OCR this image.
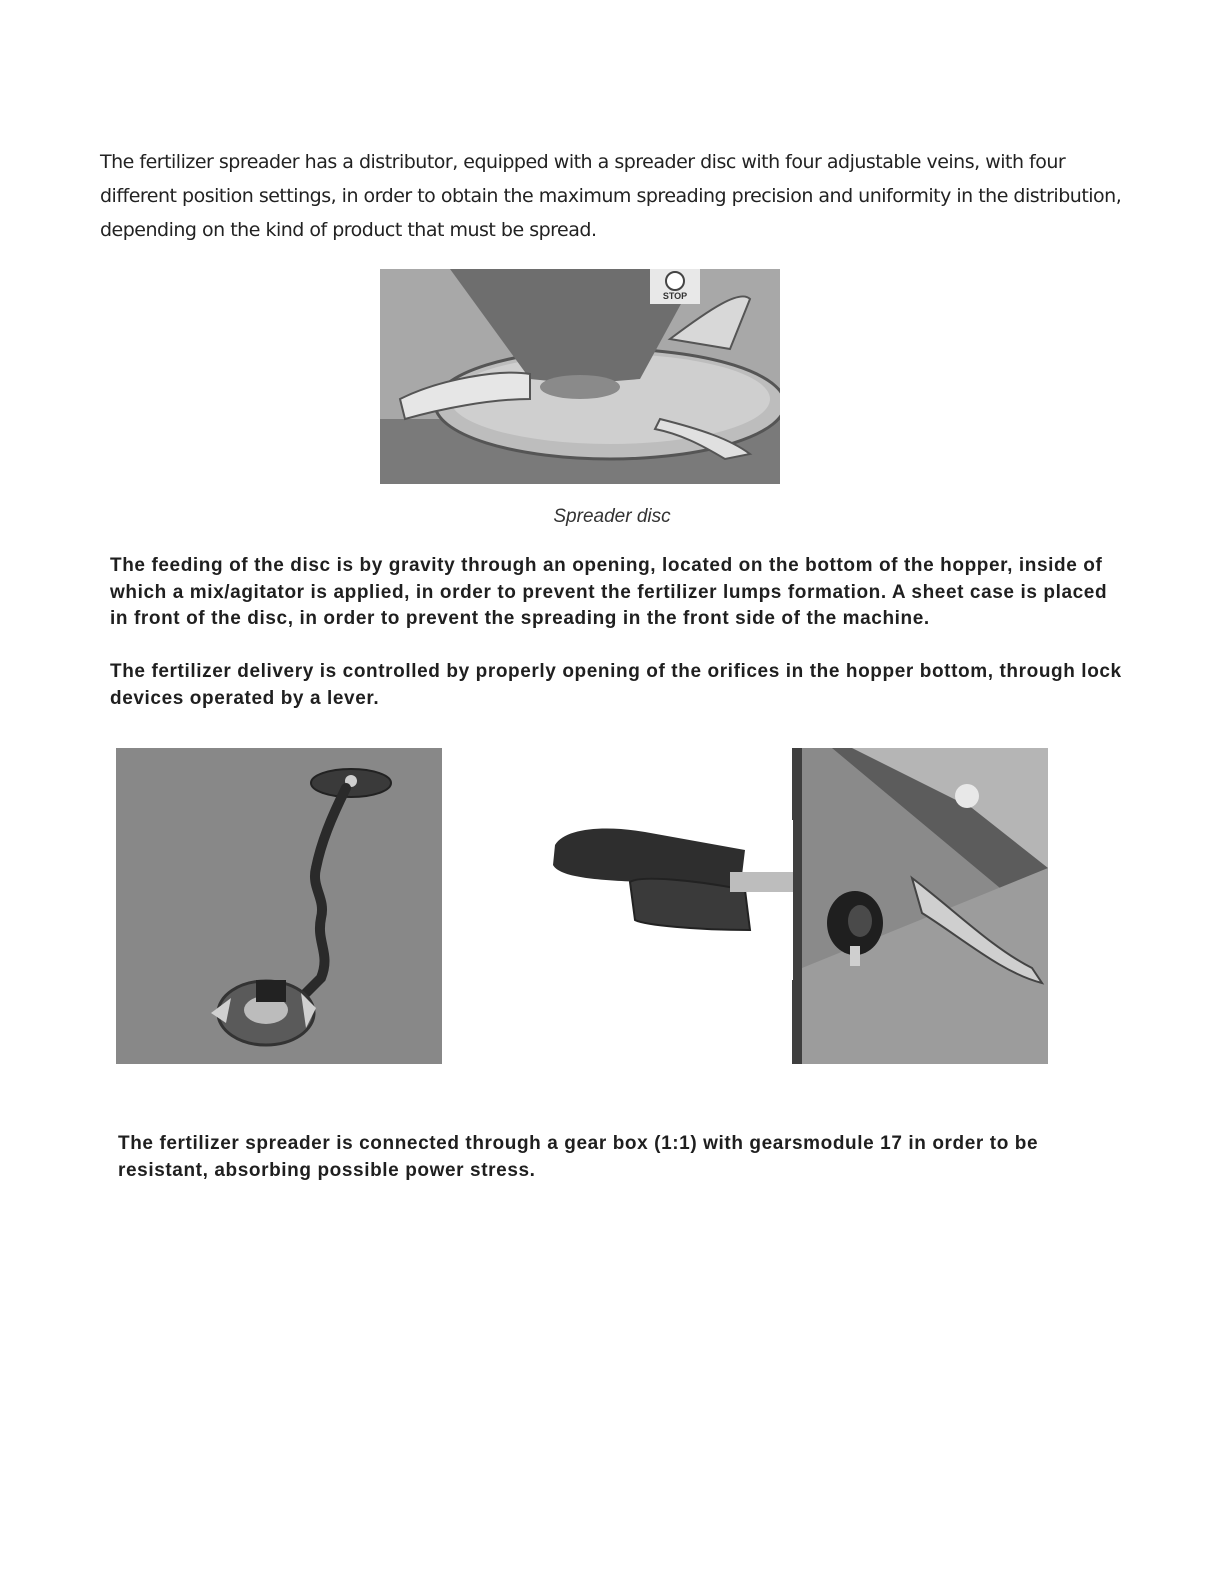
The fertilizer spreader has a distributor, equipped with a spreader disc with four adjustable veins, with four different position settings, in order to obtain the maximum spreading precision and uniformity in the distribution, depending on the kind of product that must be spread.

STOP

Spreader disc

The feeding of the disc is by gravity through an opening, located on the bottom of the hopper, inside of which a mix/agitator is applied, in order to prevent the fertilizer lumps formation. A sheet case is placed in front of the disc, in order to prevent the spreading in the front side of the machine.

The fertilizer delivery is controlled by properly opening of the orifices in the hopper bottom, through lock devices operated by a lever.

The fertilizer spreader is connected through a gear box (1:1) with gearsmodule 17 in order to be resistant, absorbing possible power stress.
